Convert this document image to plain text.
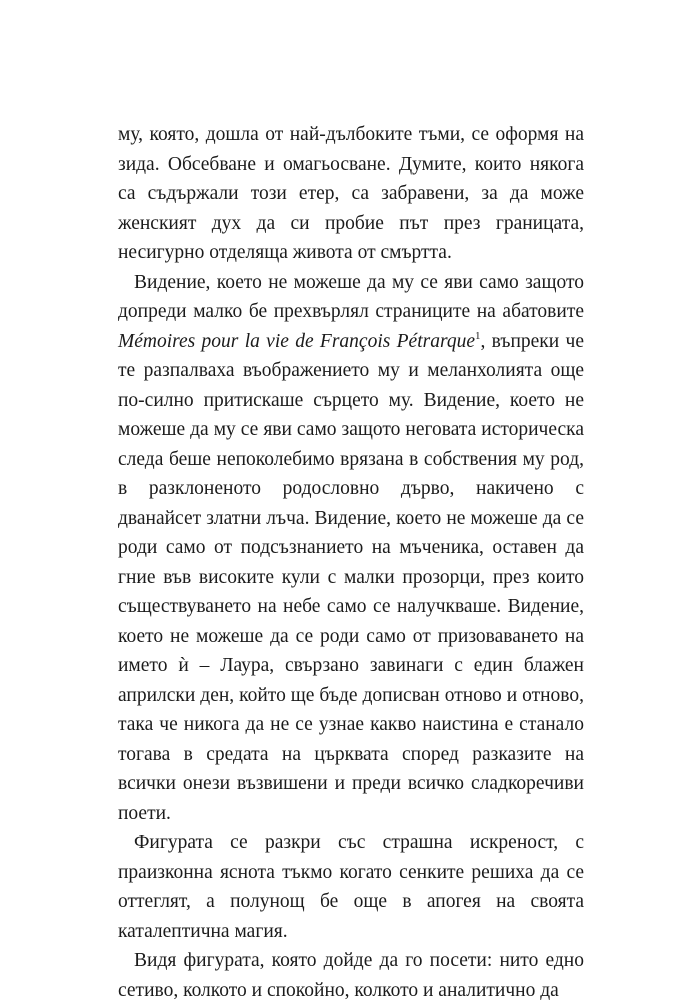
му, която, дошла от най-дълбоките тъми, се оформя на зида. Обсебване и омагьосване. Думите, които някога са съдържали този етер, са забравени, за да може женският дух да си пробие път през границата, несигурно отделяща живота от смъртта.

Видение, което не можеше да му се яви само защото допреди малко бе прехвърлял страниците на абатовите Mémoires pour la vie de François Pétrarque$^1$, въпреки че те разпалваха въображението му и меланхолията още по-силно притискаше сърцето му. Видение, което не можеше да му се яви само защото неговата историческа следа беше непоколебимо врязана в собствения му род, в разклоненото родословно дърво, накичено с дванайсет златни лъча. Видение, което не можеше да се роди само от подсъзнанието на мъченика, оставен да гние във високите кули с малки прозорци, през които съществуването на небе само се налучкваше. Видение, което не можеше да се роди само от призоваването на името ѝ – Лаура, свързано завинаги с един блажен априлски ден, който ще бъде дописван отново и отново, така че никога да не се узнае какво наистина е станало тогава в средата на църквата според разказите на всички онези възвишени и преди всичко сладкоречиви поети.

Фигурата се разкри със страшна искреност, с праизконна яснота тъкмо когато сенките решиха да се оттеглят, а полунощ бе още в апогея на своята каталептична магия.

Видя фигурата, която дойде да го посети: нито едно сетиво, колкото и спокойно, колкото и аналитично да
